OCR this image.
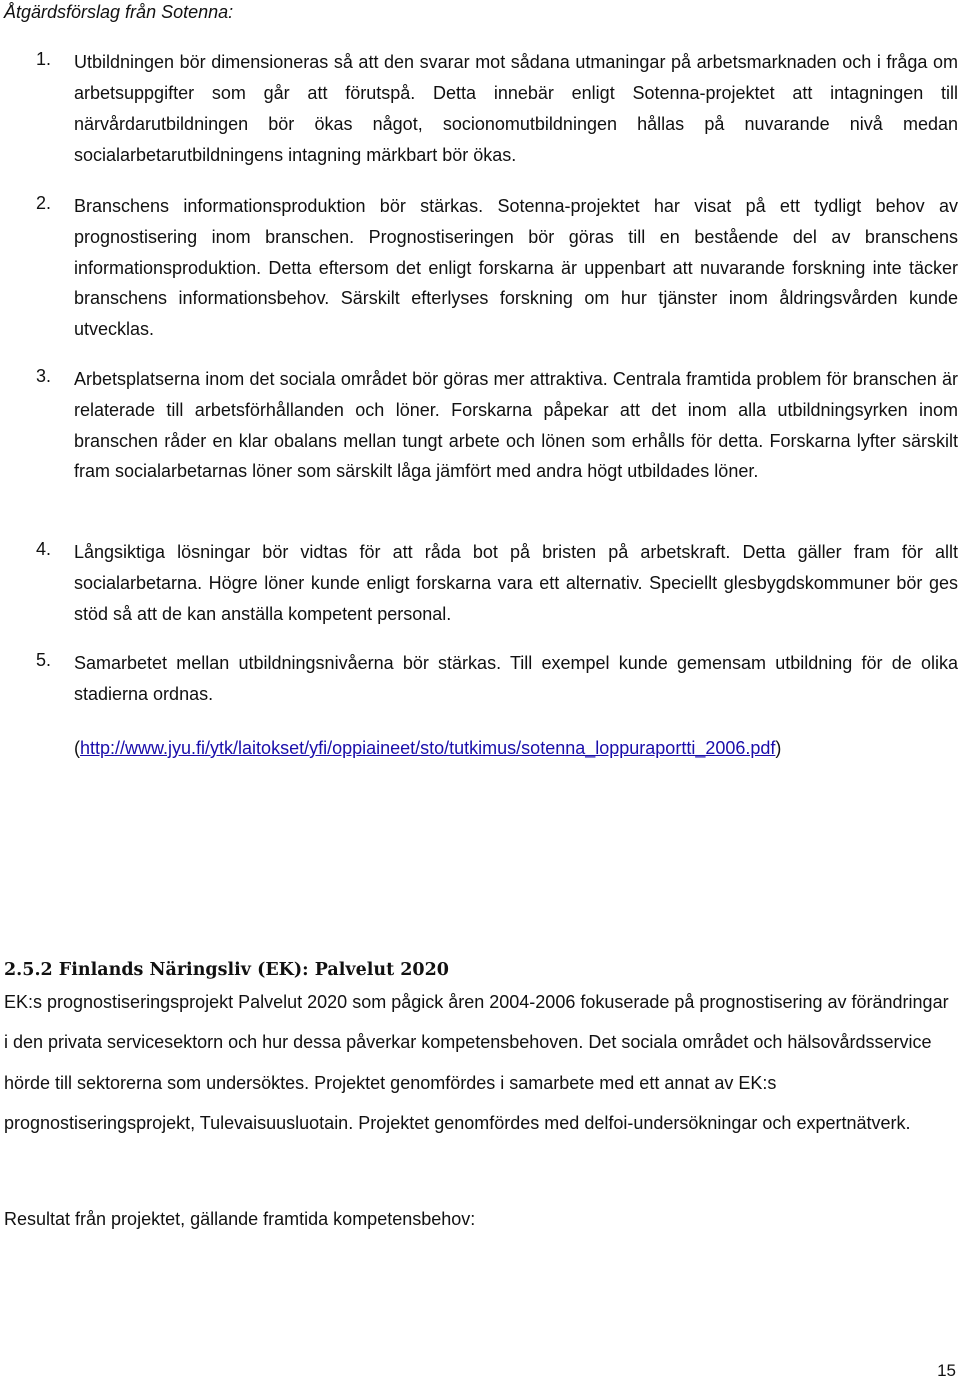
Åtgärdsförslag från Sotenna:
1.	Utbildningen bör dimensioneras så att den svarar mot sådana utmaningar på arbetsmarknaden och i fråga om arbetsuppgifter som går att förutspå. Detta innebär enligt Sotenna-projektet att intagningen till närvårdarutbildningen bör ökas något, socionomutbildningen hållas på nuvarande nivå medan socialarbetarutbildningens intagning märkbart bör ökas.
2.	Branschens informationsproduktion bör stärkas. Sotenna-projektet har visat på ett tydligt behov av prognostisering inom branschen. Prognostiseringen bör göras till en bestående del av branschens informationsproduktion. Detta eftersom det enligt forskarna är uppenbart att nuvarande forskning inte täcker branschens informationsbehov. Särskilt efterlyses forskning om hur tjänster inom åldringsvården kunde utvecklas.
3.	Arbetsplatserna inom det sociala området bör göras mer attraktiva. Centrala framtida problem för branschen är relaterade till arbetsförhållanden och löner. Forskarna påpekar att det inom alla utbildningsyrken inom branschen råder en klar obalans mellan tungt arbete och lönen som erhålls för detta. Forskarna lyfter särskilt fram socialarbetarnas löner som särskilt låga jämfört med andra högt utbildades löner.
4.	Långsiktiga lösningar bör vidtas för att råda bot på bristen på arbetskraft. Detta gäller fram för allt socialarbetarna. Högre löner kunde enligt forskarna vara ett alternativ. Speciellt glesbygdskommuner bör ges stöd så att de kan anställa kompetent personal.
5.	Samarbetet mellan utbildningsnivåerna bör stärkas. Till exempel kunde gemensam utbildning för de olika stadierna ordnas.
(http://www.jyu.fi/ytk/laitokset/yfi/oppiaineet/sto/tutkimus/sotenna_loppuraportti_2006.pdf)
2.5.2 Finlands Näringsliv (EK): Palvelut 2020
EK:s prognostiseringsprojekt Palvelut 2020 som pågick åren 2004-2006 fokuserade på prognostisering av förändringar i den privata servicesektorn och hur dessa påverkar kompetensbehoven. Det sociala området och hälsovårdsservice hörde till sektorerna som undersöktes. Projektet genomfördes i samarbete med ett annat av EK:s prognostiseringsprojekt, Tulevaisuusluotain. Projektet genomfördes med delfoi-undersökningar och expertnätverk.
Resultat från projektet, gällande framtida kompetensbehov:
15
